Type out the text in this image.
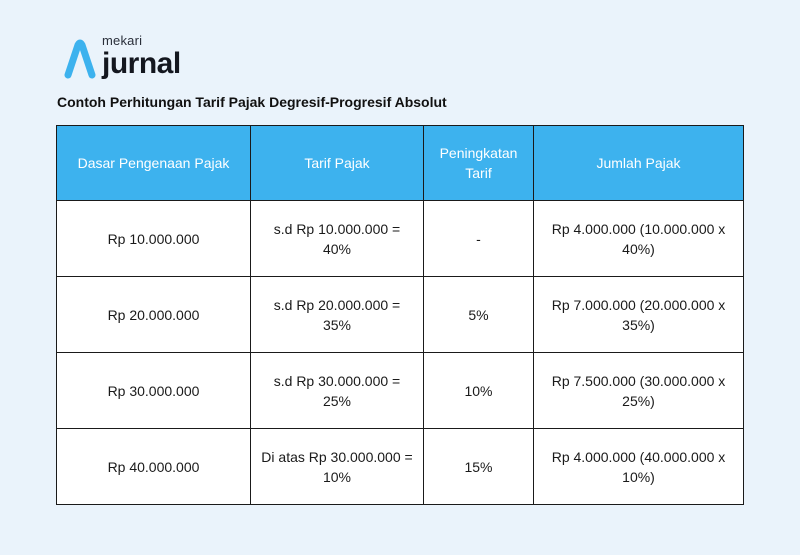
mekari
jurnal
Contoh Perhitungan Tarif Pajak Degresif-Progresif Absolut
Dasar Pengenaan Pajak	Tarif Pajak	Peningkatan Tarif	Jumlah Pajak
Rp 10.000.000	s.d Rp 10.000.000 = 40%	-	Rp 4.000.000 (10.000.000 x 40%)
Rp 20.000.000	s.d Rp 20.000.000 = 35%	5%	Rp 7.000.000 (20.000.000 x 35%)
Rp 30.000.000	s.d Rp 30.000.000 = 25%	10%	Rp 7.500.000 (30.000.000 x 25%)
Rp 40.000.000	Di atas Rp 30.000.000 = 10%	15%	Rp 4.000.000 (40.000.000 x 10%)
